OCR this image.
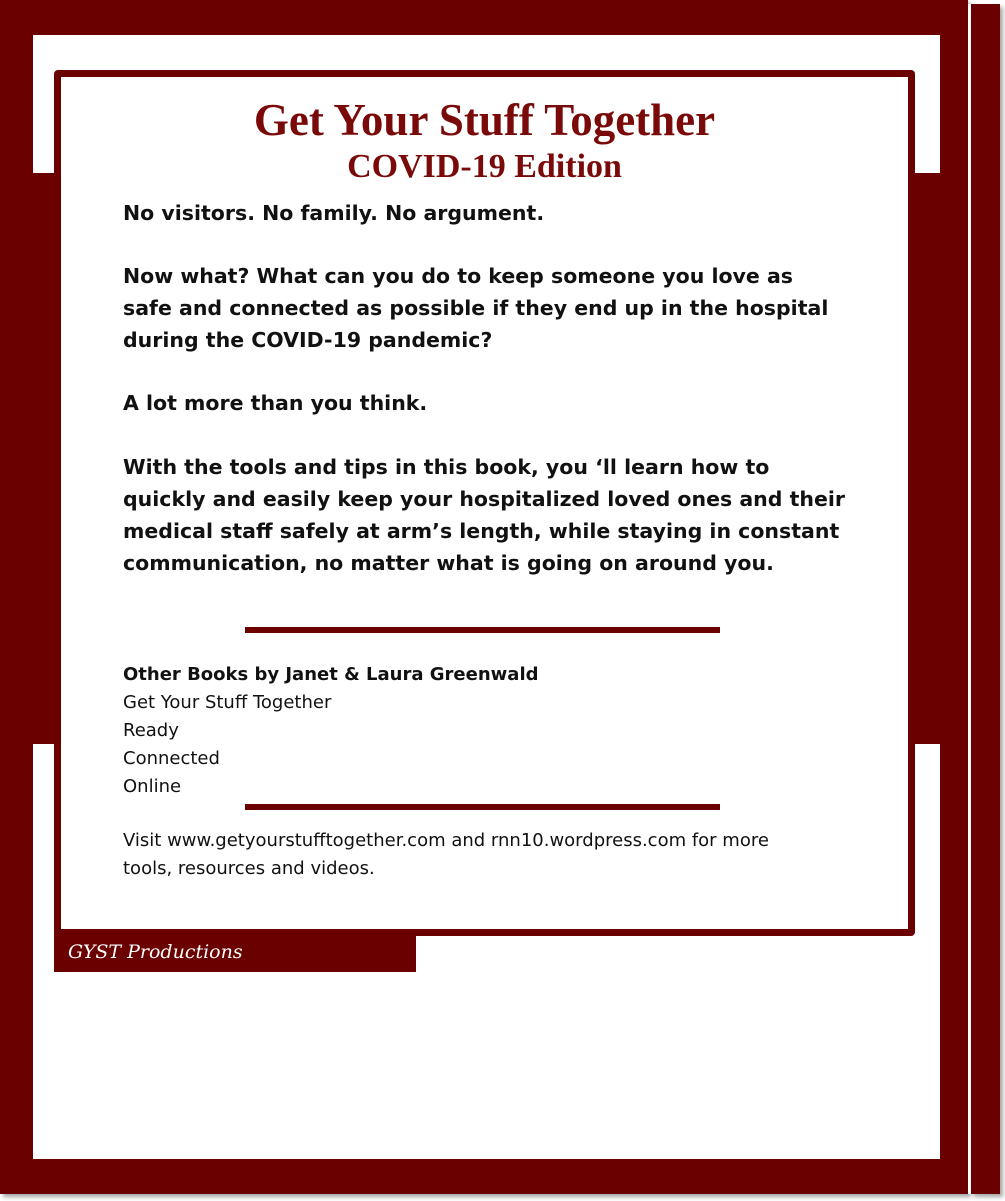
Get Your Stuff Together
COVID-19 Edition

No visitors. No family. No argument.

Now what? What can you do to keep someone you love as safe and connected as possible if they end up in the hospital during the COVID-19 pandemic?

A lot more than you think.

With the tools and tips in this book, you ‘ll learn how to quickly and easily keep your hospitalized loved ones and their medical staff safely at arm’s length, while staying in constant communication, no matter what is going on around you.

Other Books by Janet & Laura Greenwald
Get Your Stuff Together
Ready
Connected
Online

Visit www.getyourstufftogether.com and rnn10.wordpress.com for more tools, resources and videos.

GYST Productions
